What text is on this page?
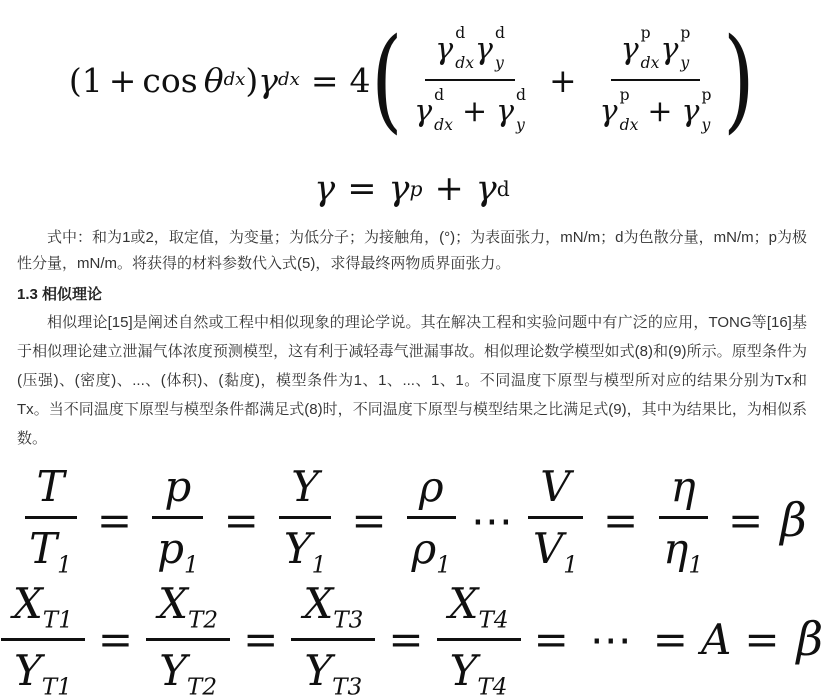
(1 + cos θ dx ) γ dx = 4 ( γ d
dx γ d
y
γ d
dx + γ d
y + γ p
dx γ p
y
γ p
dx + γ p
y )
γ = γ p + γ d

式中：和为1或2，取定值，为变量；为低分子；为接触角，(°)；为表面张力，mN/m；d为色散分量，mN/m；p为极性分量，mN/m。将获得的材料参数代入式(5)，求得最终两物质界面张力。

1.3 相似理论

相似理论[15]是阐述自然或工程中相似现象的理论学说。其在解决工程和实验问题中有广泛的应用，TONG等[16]基于相似理论建立泄漏气体浓度预测模型，这有利于减轻毒气泄漏事故。相似理论数学模型如式(8)和(9)所示。原型条件为(压强)、(密度)、...、(体积)、(黏度)，模型条件为1、1、...、1、1。不同温度下原型与模型所对应的结果分别为Tx和Tx。当不同温度下原型与模型条件都满足式(8)时，不同温度下原型与模型结果之比满足式(9)，其中为结果比，为相似系数。

$\frac{T}{T_1} = \frac{p}{p_1} = \frac{Y}{Y_1} = \frac{\rho}{\rho_1}$ ⋯ $\frac{V}{V_1} = \frac{\eta}{\eta_1} = \beta$
$\frac{X_{T1}}{Y_{T1}} = \frac{X_{T2}}{Y_{T2}} = \frac{X_{T3}}{Y_{T3}} = \frac{X_{T4}}{Y_{T4}}$ = ⋯ = A = β
